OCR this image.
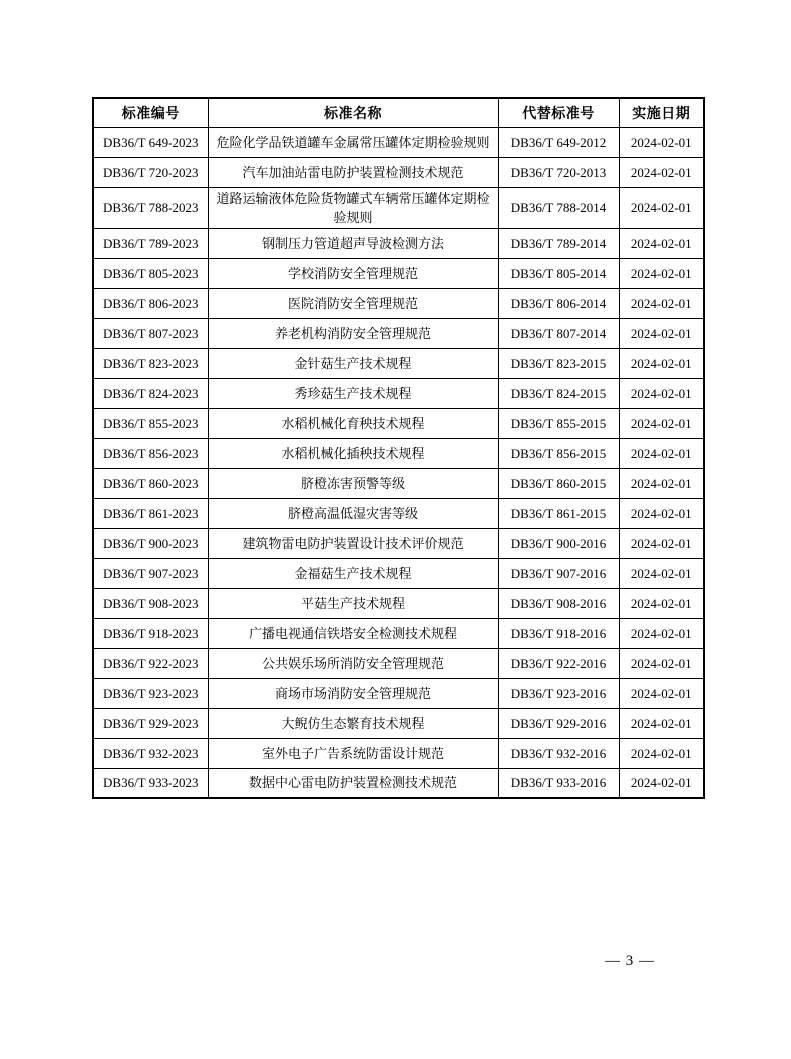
标准编号	标准名称	代替标准号	实施日期
DB36/T 649-2023	危险化学品铁道罐车金属常压罐体定期检验规则	DB36/T 649-2012	2024-02-01
DB36/T 720-2023	汽车加油站雷电防护装置检测技术规范	DB36/T 720-2013	2024-02-01
DB36/T 788-2023	道路运输液体危险货物罐式车辆常压罐体定期检验规则	DB36/T 788-2014	2024-02-01
DB36/T 789-2023	钢制压力管道超声导波检测方法	DB36/T 789-2014	2024-02-01
DB36/T 805-2023	学校消防安全管理规范	DB36/T 805-2014	2024-02-01
DB36/T 806-2023	医院消防安全管理规范	DB36/T 806-2014	2024-02-01
DB36/T 807-2023	养老机构消防安全管理规范	DB36/T 807-2014	2024-02-01
DB36/T 823-2023	金针菇生产技术规程	DB36/T 823-2015	2024-02-01
DB36/T 824-2023	秀珍菇生产技术规程	DB36/T 824-2015	2024-02-01
DB36/T 855-2023	水稻机械化育秧技术规程	DB36/T 855-2015	2024-02-01
DB36/T 856-2023	水稻机械化插秧技术规程	DB36/T 856-2015	2024-02-01
DB36/T 860-2023	脐橙冻害预警等级	DB36/T 860-2015	2024-02-01
DB36/T 861-2023	脐橙高温低湿灾害等级	DB36/T 861-2015	2024-02-01
DB36/T 900-2023	建筑物雷电防护装置设计技术评价规范	DB36/T 900-2016	2024-02-01
DB36/T 907-2023	金福菇生产技术规程	DB36/T 907-2016	2024-02-01
DB36/T 908-2023	平菇生产技术规程	DB36/T 908-2016	2024-02-01
DB36/T 918-2023	广播电视通信铁塔安全检测技术规程	DB36/T 918-2016	2024-02-01
DB36/T 922-2023	公共娱乐场所消防安全管理规范	DB36/T 922-2016	2024-02-01
DB36/T 923-2023	商场市场消防安全管理规范	DB36/T 923-2016	2024-02-01
DB36/T 929-2023	大鲵仿生态繁育技术规程	DB36/T 929-2016	2024-02-01
DB36/T 932-2023	室外电子广告系统防雷设计规范	DB36/T 932-2016	2024-02-01
DB36/T 933-2023	数据中心雷电防护装置检测技术规范	DB36/T 933-2016	2024-02-01
— 3 —
